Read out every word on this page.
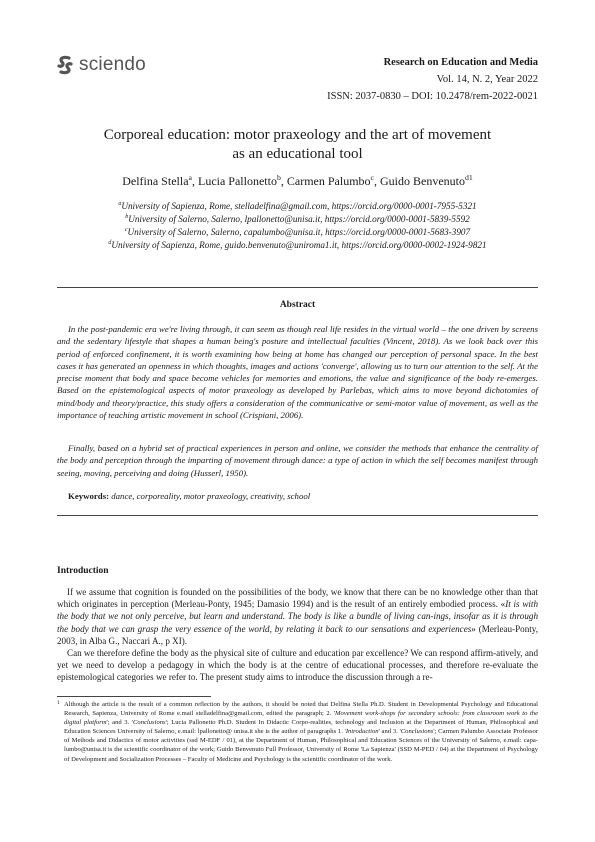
sciendo	Research on Education and Media
Vol. 14, N. 2, Year 2022
ISSN: 2037-0830 – DOI: 10.2478/rem-2022-0021
Corporeal education: motor praxeology and the art of movement
as an educational tool
Delfina Stella$^a$, Lucia Pallonetto$^b$, Carmen Palumbo$^c$, Guido Benvenuto$^{d1}$
$^a$University of Sapienza, Rome, stelladelfina@gmail.com, https://orcid.org/0000-0001-7955-5321
$^b$University of Salerno, Salerno, lpallonetto@unisa.it, https://orcid.org/0000-0001-5839-5592
$^c$University of Salerno, Salerno, capalumbo@unisa.it, https://orcid.org/0000-0001-5683-3907
$^d$University of Sapienza, Rome, guido.benvenuto@uniroma1.it, https://orcid.org/0000-0002-1924-9821
Abstract

In the post-pandemic era we're living through, it can seem as though real life resides in the virtual world – the one driven by screens and the sedentary lifestyle that shapes a human being's posture and intellectual faculties (Vincent, 2018). As we look back over this period of enforced confinement, it is worth examining how being at home has changed our perception of personal space. In the best cases it has generated an openness in which thoughts, images and actions 'converge', allowing us to turn our attention to the self. At the precise moment that body and space become vehicles for memories and emotions, the value and significance of the body re-emerges. Based on the epistemological aspects of motor praxeology as developed by Parlebas, which aims to move beyond dichotomies of mind/body and theory/practice, this study offers a consideration of the communicative or semi-motor value of movement, as well as the importance of teaching artistic movement in school (Crispiani, 2006).

Finally, based on a hybrid set of practical experiences in person and online, we consider the methods that enhance the centrality of the body and perception through the imparting of movement through dance: a type of action in which the self becomes manifest through seeing, moving, perceiving and doing (Husserl, 1950).

Keywords: dance, corporeality, motor praxeology, creativity, school
Introduction

If we assume that cognition is founded on the possibilities of the body, we know that there can be no knowledge other than that which originates in perception (Merleau-Ponty, 1945; Damasio 1994) and is the result of an entirely embodied process. «It is with the body that we not only perceive, but learn and understand. The body is like a bundle of living can-ings, insofar as it is through the body that we can grasp the very essence of the world, by relating it back to our sensations and experiences» (Merleau-Ponty, 2003, in Alba G., Naccari A., p XI).

Can we therefore define the body as the physical site of culture and education par excellence? We can respond affirm-atively, and yet we need to develop a pedagogy in which the body is at the centre of educational processes, and therefore re-evaluate the epistemological categories we refer to. The present study aims to introduce the discussion through a re-

1 Although the article is the result of a common reflection by the authors, it should be noted that Delfina Stella Ph.D. Student in Developmental Psychology and Educational Research, Sapienza, University of Rome e.mail stelladelfina@gmail.com, edited the paragraph; 2. 'Movement work-shops for secondary schools: from classroom work to the digital platform'; and 3. 'Conclusions'; Lucia Pallonetto Ph.D. Student In Didactic Corpo-realities, technology and Inclusion at the Department of Human, Philosophical and Education Sciences University of Salerno, e.mail: lpallonetto@ unisa.it she is the author of paragraphs 1. 'Introduction' and 3. 'Conclusions'; Carmen Palumbo Associate Professor of Methods and Didactics of motor activities (ssd M-EDF / 01), at the Department of Human, Philosophical and Education Sciences of the University of Salerno, e.mail: capa-lumbo@unisa.it is the scientific coordinator of the work; Guido Benvenuto Full Professor, University of Rome 'La Sapienza' (SSD M-PED / 04) at the Department of Psychology of Development and Socialization Processes – Faculty of Medicine and Psychology is the scientific coordinator of the work.
